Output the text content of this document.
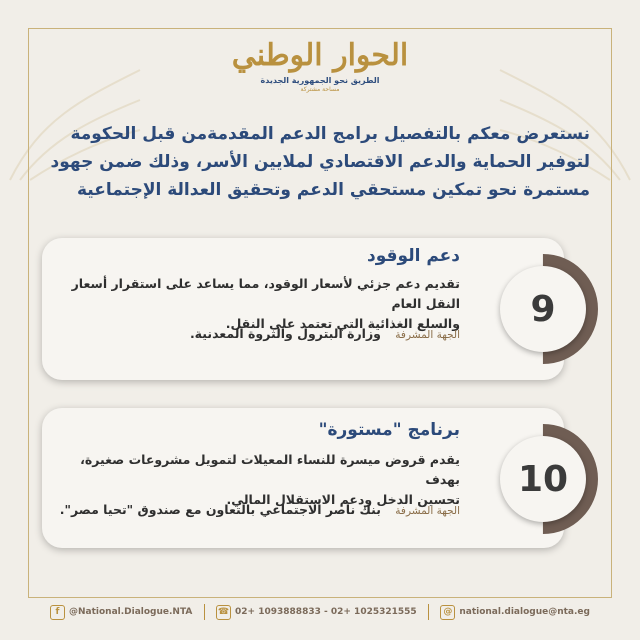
الحوار الوطني
الطريق نحو الجمهورية الجديدة
مساحة مشتركة
نستعرض معكم بالتفصيل برامج الدعم المقدمةمن قبل الحكومة
لتوفير الحماية والدعم الاقتصادي لملايين الأسر، وذلك ضمن جهود
مستمرة نحو تمكين مستحقي الدعم وتحقيق العدالة الإجتماعية
9
دعم الوقود
تقديم دعم جزئي لأسعار الوقود، مما يساعد على استقرار أسعار النقل العام
والسلع الغذائية التي تعتمد على النقل.
الجهة المشرفة وزارة البترول والثروة المعدنية.
10
برنامج "مستورة"
يقدم قروض ميسرة للنساء المعيلات لتمويل مشروعات صغيرة، بهدف
تحسين الدخل ودعم الاستقلال المالي.
الجهة المشرفة بنك ناصر الاجتماعي بالتعاون مع صندوق "تحيا مصر".
f	@National.Dialogue.NTA	☎ 02+ 1093888833 - 02+ 1025321555	@ national.dialogue@nta.eg
